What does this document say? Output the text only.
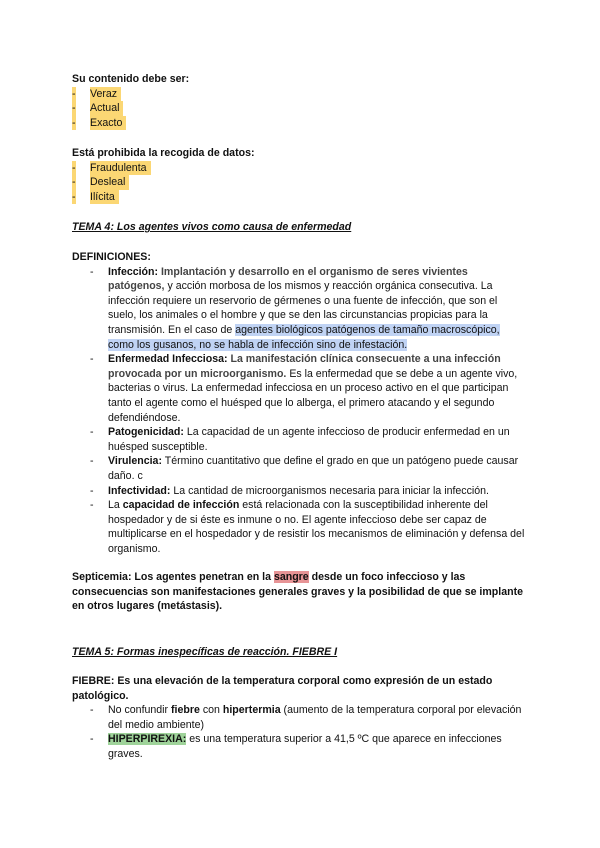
Su contenido debe ser:
- Veraz
- Actual
- Exacto
Está prohibida la recogida de datos:
- Fraudulenta
- Desleal
- Ilícita
TEMA 4: Los agentes vivos como causa de enfermedad
DEFINICIONES:
- Infección: Implantación y desarrollo en el organismo de seres vivientes patógenos, y acción morbosa de los mismos y reacción orgánica consecutiva. La infección requiere un reservorio de gérmenes o una fuente de infección, que son el suelo, los animales o el hombre y que se den las circunstancias propicias para la transmisión. En el caso de agentes biológicos patógenos de tamaño macroscópico, como los gusanos, no se habla de infección sino de infestación.
- Enfermedad Infecciosa: La manifestación clínica consecuente a una infección provocada por un microorganismo. Es la enfermedad que se debe a un agente vivo, bacterias o virus. La enfermedad infecciosa en un proceso activo en el que participan tanto el agente como el huésped que lo alberga, el primero atacando y el segundo defendiéndose.
- Patogenicidad: La capacidad de un agente infeccioso de producir enfermedad en un huésped susceptible.
- Virulencia: Término cuantitativo que define el grado en que un patógeno puede causar daño. c
- Infectividad: La cantidad de microorganismos necesaria para iniciar la infección.
- La capacidad de infección está relacionada con la susceptibilidad inherente del hospedador y de si éste es inmune o no. El agente infeccioso debe ser capaz de multiplicarse en el hospedador y de resistir los mecanismos de eliminación y defensa del organismo.
Septicemia: Los agentes penetran en la sangre desde un foco infeccioso y las consecuencias son manifestaciones generales graves y la posibilidad de que se implante en otros lugares (metástasis).
TEMA 5: Formas inespecíficas de reacción. FIEBRE I
FIEBRE: Es una elevación de la temperatura corporal como expresión de un estado patológico.
- No confundir fiebre con hipertermia (aumento de la temperatura corporal por elevación del medio ambiente)
- HIPERPIREXIA: es una temperatura superior a 41,5 ºC que aparece en infecciones graves.
